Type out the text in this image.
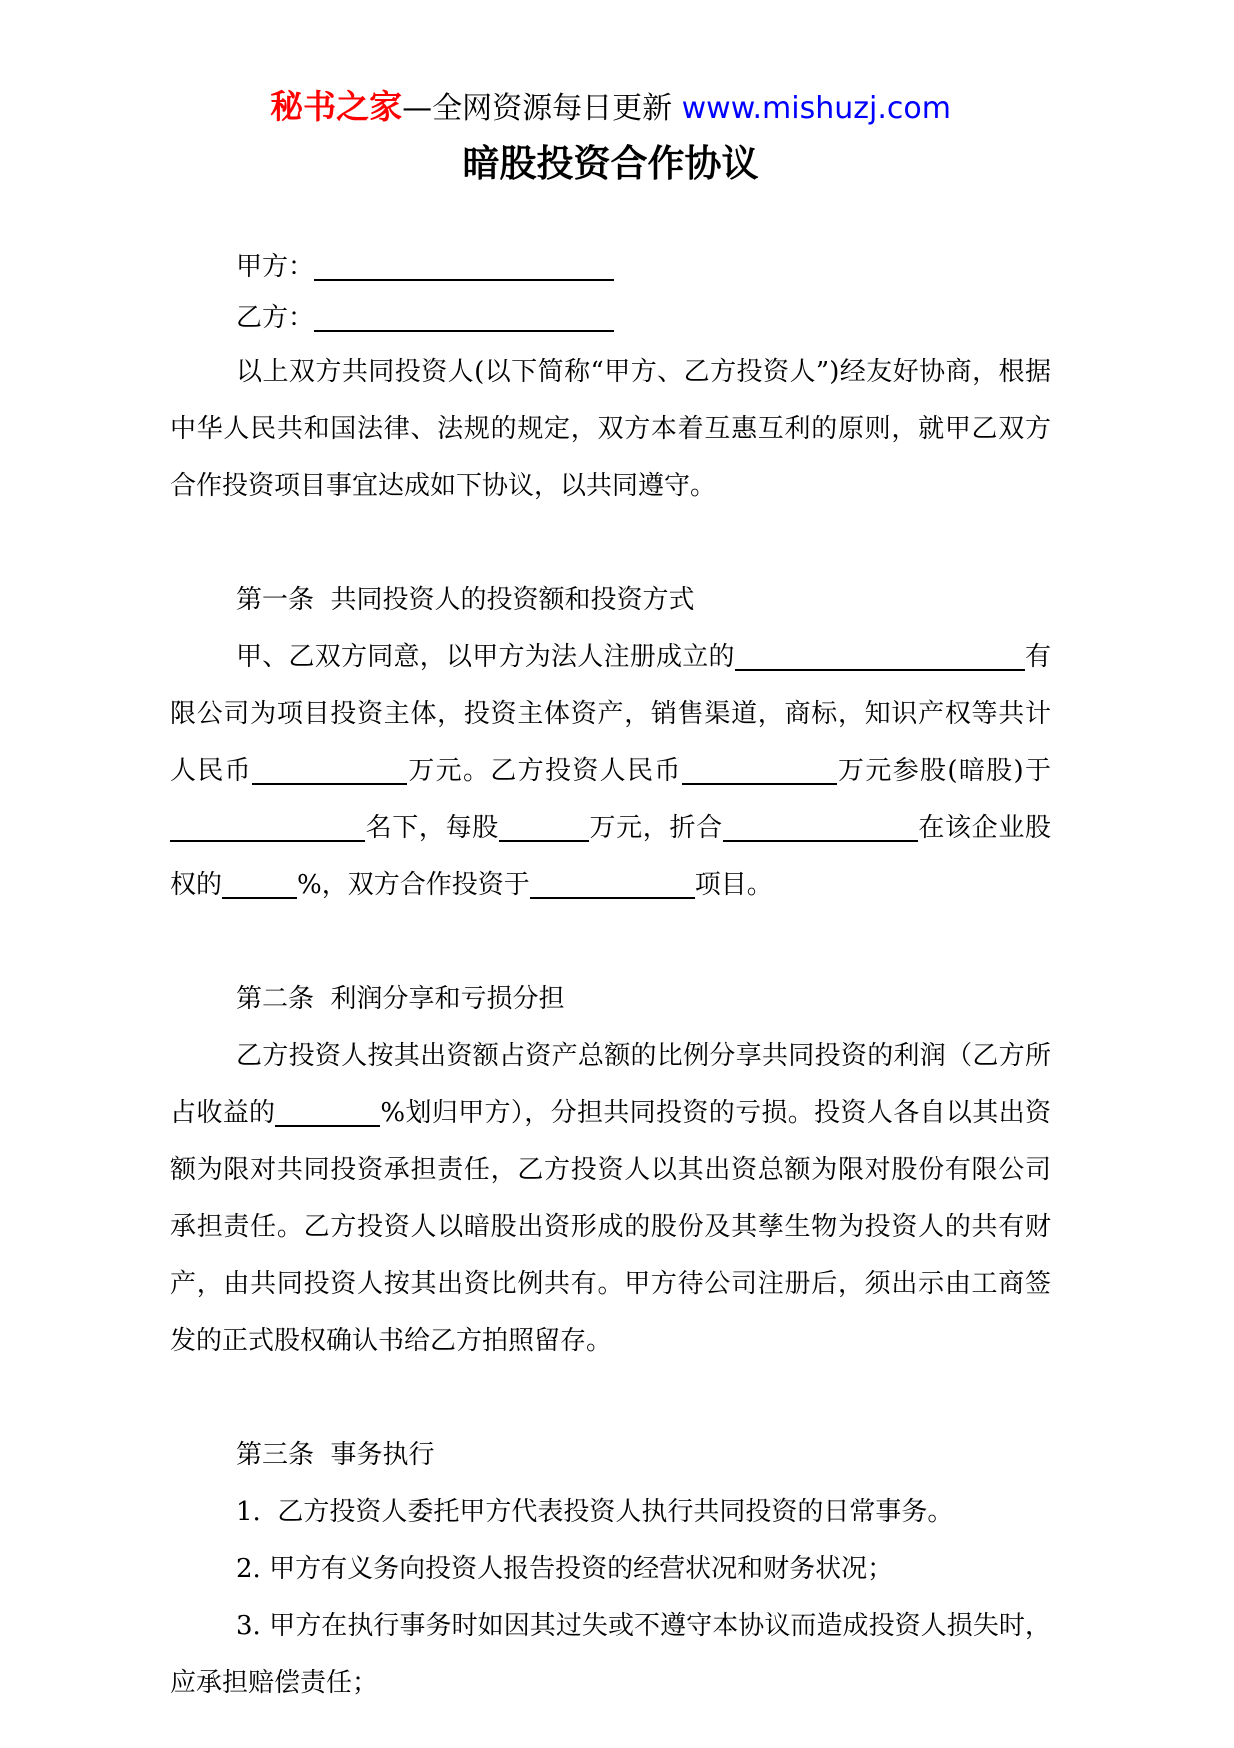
秘书之家—全网资源每日更新 www.mishuzj.com
暗股投资合作协议
甲方：
乙方：

以上双方共同投资人(以下简称“甲方、乙方投资人”)经友好协商，根据中华人民共和国法律、法规的规定，双方本着互惠互利的原则，就甲乙双方合作投资项目事宜达成如下协议，以共同遵守。

第一条  共同投资人的投资额和投资方式

甲、乙双方同意，以甲方为法人注册成立的	有限公司为项目投资主体，投资主体资产，销售渠道，商标，知识产权等共计人民币	万元。乙方投资人民币	万元参股(暗股)于名下，每股	万元，折合	在该企业股权的	%，双方合作投资于	项目。

第二条  利润分享和亏损分担

乙方投资人按其出资额占资产总额的比例分享共同投资的利润（乙方所占收益的	%划归甲方），分担共同投资的亏损。投资人各自以其出资额为限对共同投资承担责任，乙方投资人以其出资总额为限对股份有限公司承担责任。乙方投资人以暗股出资形成的股份及其孳生物为投资人的共有财产，由共同投资人按其出资比例共有。甲方待公司注册后，须出示由工商签发的正式股权确认书给乙方拍照留存。

第三条  事务执行

1.  乙方投资人委托甲方代表投资人执行共同投资的日常事务。

2. 甲方有义务向投资人报告投资的经营状况和财务状况；

3. 甲方在执行事务时如因其过失或不遵守本协议而造成投资人损失时，应承担赔偿责任；
